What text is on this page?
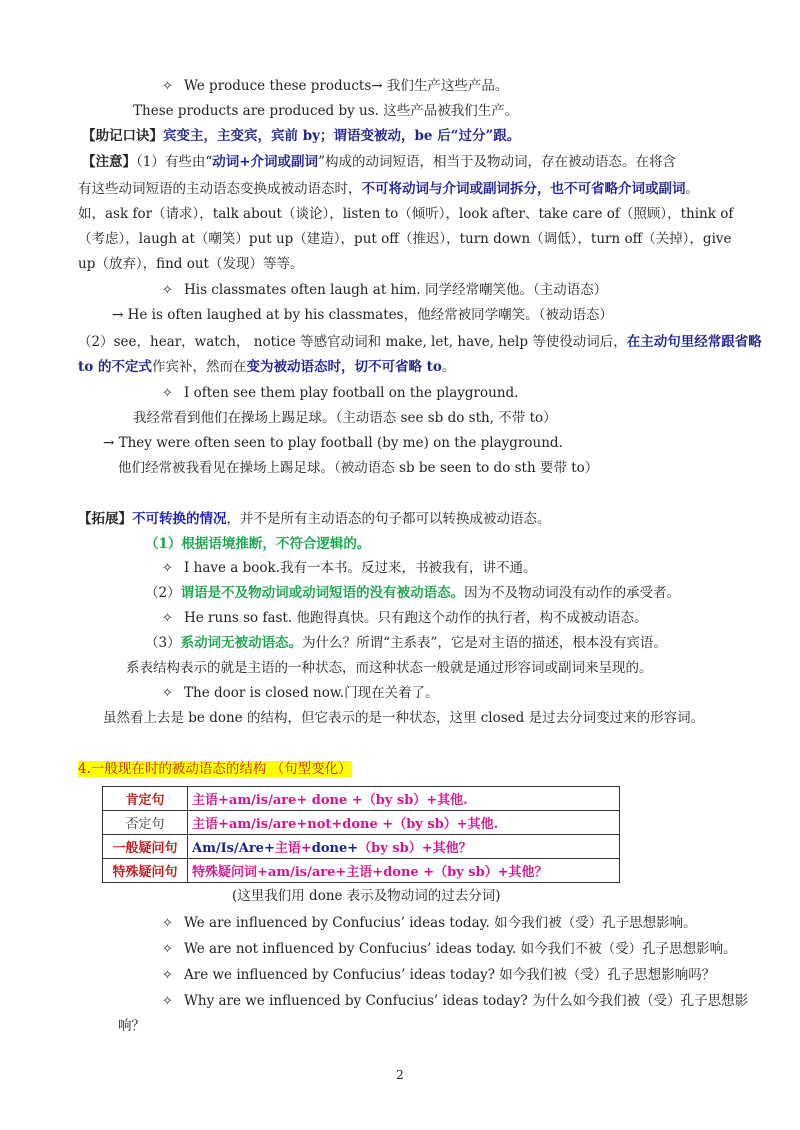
✧ We produce these products→ 我们生产这些产品。
These products are produced by us. 这些产品被我们生产。
【助记口诀】宾变主，主变宾，宾前 by；谓语变被动，be 后“过分”跟。
【注意】（1）有些由“动词+介词或副词”构成的动词短语，相当于及物动词，存在被动语态。在将含
有这些动词短语的主动语态变换成被动语态时，不可将动词与介词或副词拆分，也不可省略介词或副词。
如，ask for（请求），talk about（谈论），listen to（倾听），look after、take care of（照顾），think of
（考虑），laugh at（嘲笑）put up（建造），put off（推迟），turn down（调低），turn off（关掉），give
up（放弃），find out（发现）等等。
✧ His classmates often laugh at him. 同学经常嘲笑他。（主动语态）
→ He is often laughed at by his classmates，他经常被同学嘲笑。（被动语态）
（2）see，hear，watch， notice 等感官动词和 make, let, have, help 等使役动词后，在主动句里经常跟省略
to 的不定式作宾补，然而在变为被动语态时，切不可省略 to。
✧ I often see them play football on the playground.
我经常看到他们在操场上踢足球。（主动语态 see sb do sth, 不带 to）
→ They were often seen to play football (by me) on the playground.
他们经常被我看见在操场上踢足球。（被动语态 sb be seen to do sth 要带 to）
【拓展】不可转换的情况，并不是所有主动语态的句子都可以转换成被动语态。
（1）根据语境推断，不符合逻辑的。
✧ I have a book.我有一本书。反过来，书被我有，讲不通。
（2）谓语是不及物动词或动词短语的没有被动语态。因为不及物动词没有动作的承受者。
✧ He runs so fast. 他跑得真快。只有跑这个动作的执行者，构不成被动语态。
（3）系动词无被动语态。为什么？所谓“主系表”，它是对主语的描述，根本没有宾语。
系表结构表示的就是主语的一种状态，而这种状态一般就是通过形容词或副词来呈现的。
✧ The door is closed now.门现在关着了。
虽然看上去是 be done 的结构，但它表示的是一种状态，这里 closed 是过去分词变过来的形容词。
4.一般现在时的被动语态的结构 （句型变化）
肯定句	主语+am/is/are+ done +（by sb）+其他.
否定句	主语+am/is/are+not+done +（by sb）+其他.
一般疑问句	Am/Is/Are+主语+done+（by sb）+其他？
特殊疑问句	特殊疑问词+am/is/are+主语+done +（by sb）+其他？
(这里我们用 done 表示及物动词的过去分词)
✧ We are influenced by Confucius’ ideas today. 如今我们被（受）孔子思想影响。
✧ We are not influenced by Confucius’ ideas today. 如今我们不被（受）孔子思想影响。
✧ Are we influenced by Confucius’ ideas today? 如今我们被（受）孔子思想影响吗？
✧ Why are we influenced by Confucius’ ideas today? 为什么如今我们被（受）孔子思想影
响？
2
